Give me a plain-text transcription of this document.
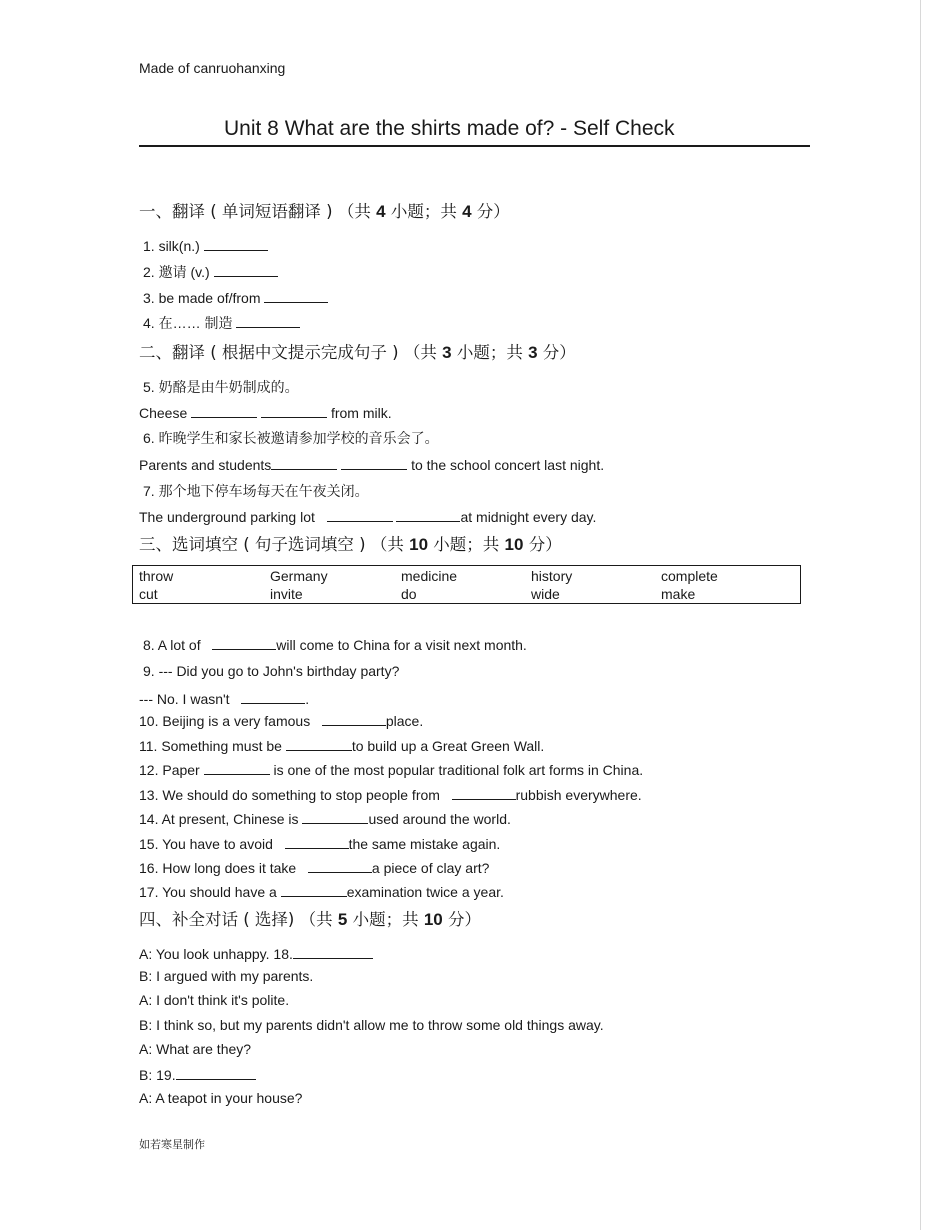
Made of canruohanxing
Unit 8 What are the shirts made of? - Self Check
一、翻译 ( 单词短语翻译 ) （共 4 小题；共 4 分）
1. silk(n.)
2. 邀请 (v.)
3. be made of/from
4. 在…… 制造
二、翻译 ( 根据中文提示完成句子 ) （共 3 小题；共 3 分）
5. 奶酪是由牛奶制成的。
Cheese	from milk.
6. 昨晚学生和家长被邀请参加学校的音乐会了。
Parents and students	to the school concert last night.
7. 那个地下停车场每天在午夜关闭。
The underground parking lot	at midnight every day.
三、选词填空 ( 句子选词填空 ) （共 10 小题；共 10 分）
throw	Germany	medicine	history	complete
cut	invite	do	wide	make
8. A lot of	will come to China for a visit next month.
9. --- Did you go to John's birthday party?
--- No. I wasn't	.
10. Beijing is a very famous	place.
11. Something must be	to build up a Great Green Wall.
12. Paper	is one of the most popular traditional folk art forms in China.
13. We should do something to stop people from	rubbish everywhere.
14. At present, Chinese is	used around the world.
15. You have to avoid	the same mistake again.
16. How long does it take	a piece of clay art?
17. You should have a	examination twice a year.
四、补全对话 ( 选择) （共 5 小题；共 10 分）
A: You look unhappy. 18.
B: I argued with my parents.
A: I don't think it's polite.
B: I think so, but my parents didn't allow me to throw some old things away.
A: What are they?
B: 19.
A: A teapot in your house?
如若寒星制作
